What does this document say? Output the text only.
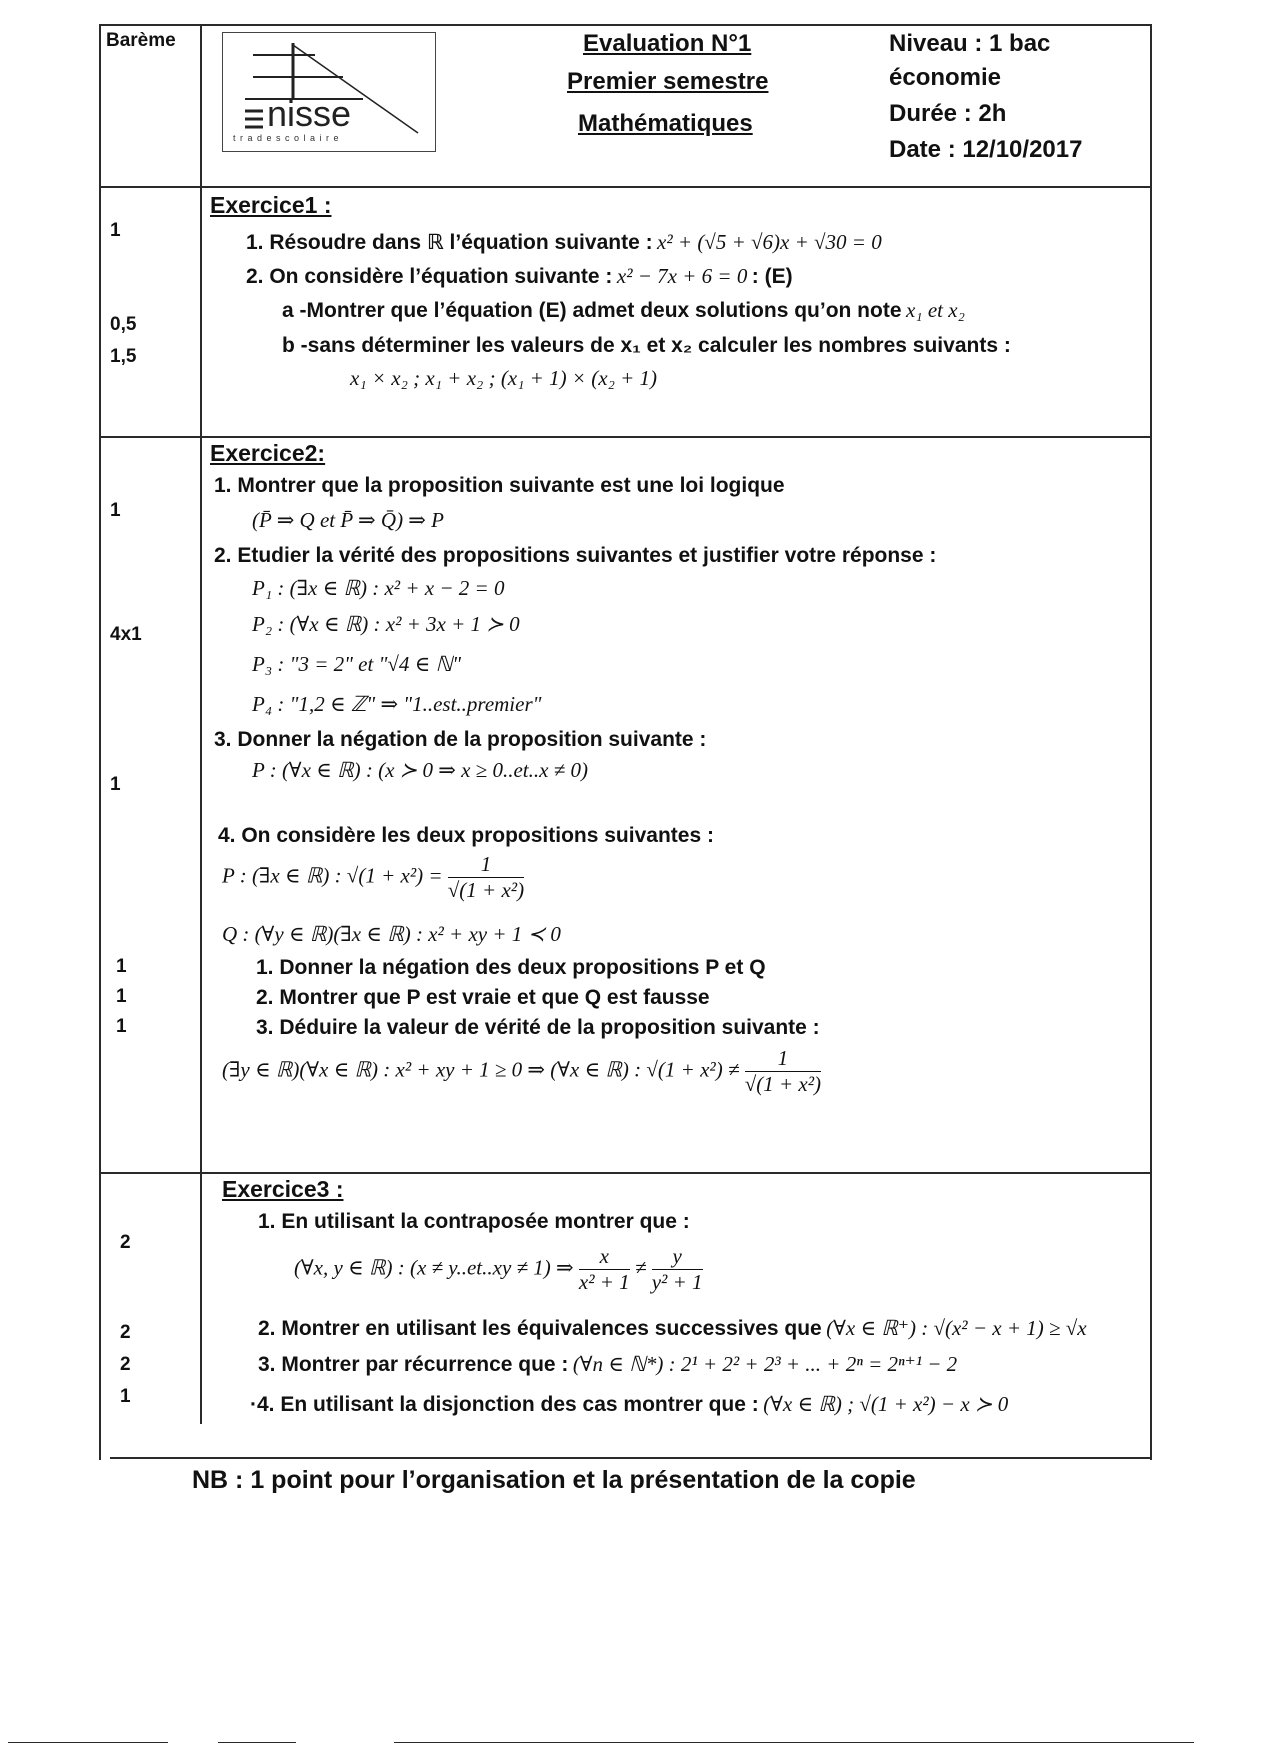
Barème
nisse
t r a d e s c o l a i r e
Evaluation N°1
Premier semestre
Mathématiques
Niveau : 1 bac
économie
Durée : 2h
Date : 12/10/2017
1
0,5
1,5
Exercice1 :
1. Résoudre dans ℝ l’équation suivante : x² + (√5 + √6)x + √30 = 0
2. On considère l’équation suivante : x² − 7x + 6 = 0 : (E)
a -Montrer que l’équation (E) admet deux solutions qu’on note x₁ et x₂
b -sans déterminer les valeurs de x₁ et x₂ calculer les nombres suivants :
x₁ × x₂ ; x₁ + x₂ ; (x₁ + 1) × (x₂ + 1)
1
4x1
1
1
1
1
Exercice2:
1. Montrer que la proposition suivante est une loi logique
(P̄ ⇒ Q et P̄ ⇒ Q̄) ⇒ P
2. Etudier la vérité des propositions suivantes et justifier votre réponse :
P₁ : (∃x ∈ ℝ) : x² + x − 2 = 0
P₂ : (∀x ∈ ℝ) : x² + 3x + 1 ≻ 0
P₃ : "3 = 2" et "√4 ∈ ℕ"
P₄ : "1,2 ∈ ℤ" ⇒ "1..est..premier"
3. Donner la négation de la proposition suivante :
P : (∀x ∈ ℝ) : (x ≻ 0 ⇒ x ≥ 0..et..x ≠ 0)
4. On considère les deux propositions suivantes :
P : (∃x ∈ ℝ) : $√(1 + x^2) = \frac{1}{\text{√(1 + x²)}}$
Q : (∀y ∈ ℝ)(∃x ∈ ℝ) : x² + xy + 1 ≺ 0
1. Donner la négation des deux propositions P et Q
2. Montrer que P est vraie et que Q est fausse
3. Déduire la valeur de vérité de la proposition suivante :
(∃y ∈ ℝ)(∀x ∈ ℝ) : x² + xy + 1 ≥ 0 ⇒ (∀x ∈ ℝ) : $√(1 + x^2) \ne \frac{1}{\text{√(1 + x²)}}$
2
2
2
1
Exercice3 :
1. En utilisant la contraposée montrer que :
(∀x, y ∈ ℝ) : (x ≠ y..et..xy ≠ 1) ⇒ $\frac{x}{\text{x² + 1}} \ne \frac{y}{\text{y² + 1}}$
2. Montrer en utilisant les équivalences successives que (∀x ∈ ℝ⁺) : √(x² − x + 1) ≥ √x
3. Montrer par récurrence que : (∀n ∈ ℕ*) : 2¹ + 2² + 2³ + ... + 2ⁿ = 2ⁿ⁺¹ − 2
·4. En utilisant la disjonction des cas montrer que : (∀x ∈ ℝ) ; √(1 + x²) − x ≻ 0
NB : 1 point pour l’organisation et la présentation de la copie
